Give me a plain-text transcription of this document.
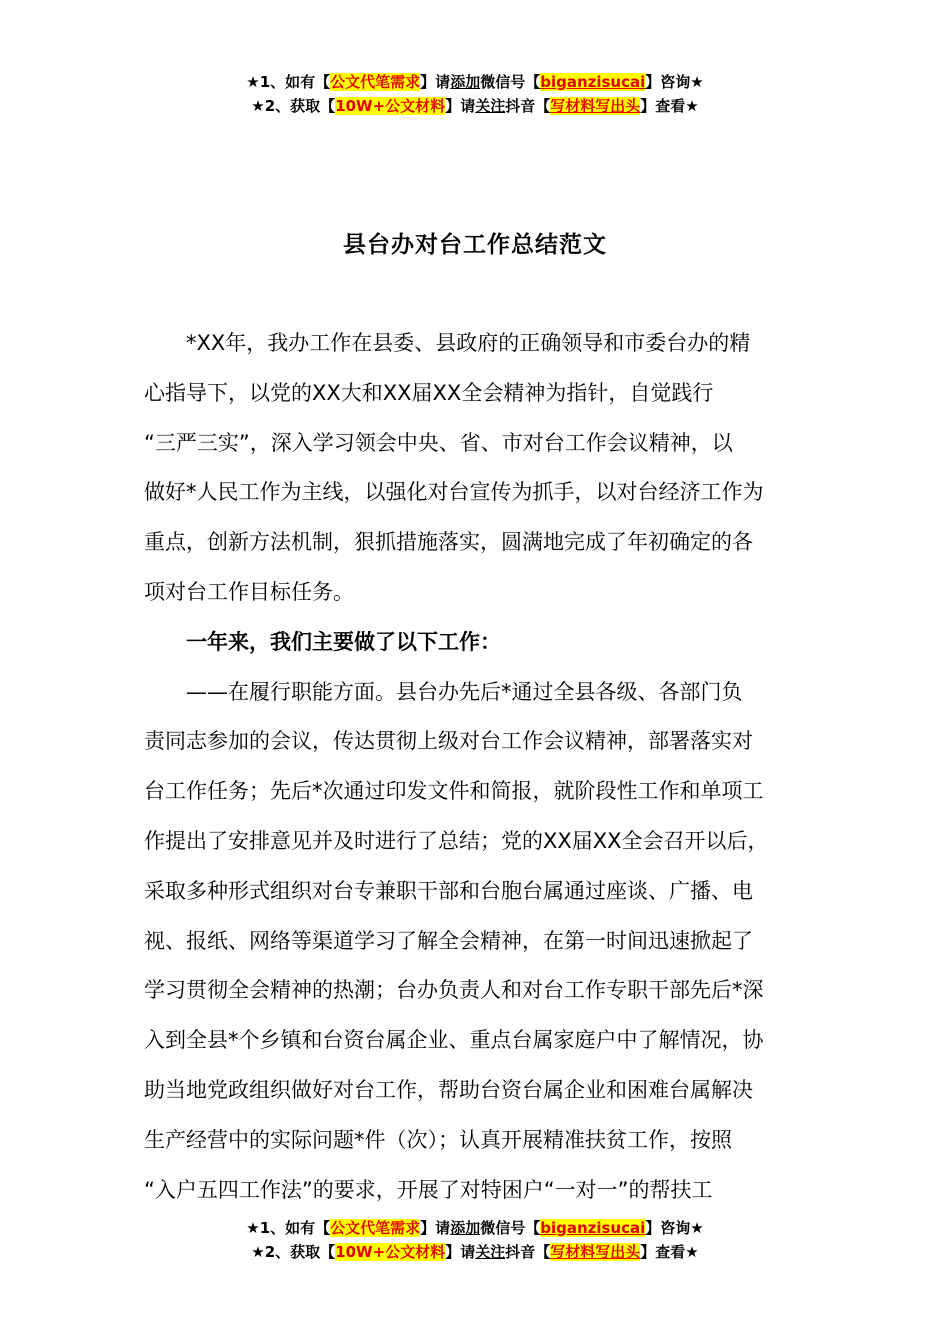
★1、如有【公文代笔需求】请添加微信号【biganzisucai】咨询★
★2、获取【10W+公文材料】请关注抖音【写材料写出头】查看★
县台办对台工作总结范文
*XX年，我办工作在县委、县政府的正确领导和市委台办的精
心指导下，以党的XX大和XX届XX全会精神为指针，自觉践行
“三严三实”，深入学习领会中央、省、市对台工作会议精神，以
做好*人民工作为主线，以强化对台宣传为抓手，以对台经济工作为
重点，创新方法机制，狠抓措施落实，圆满地完成了年初确定的各
项对台工作目标任务。
一年来，我们主要做了以下工作：
——在履行职能方面。县台办先后*通过全县各级、各部门负
责同志参加的会议，传达贯彻上级对台工作会议精神，部署落实对
台工作任务；先后*次通过印发文件和简报，就阶段性工作和单项工
作提出了安排意见并及时进行了总结；党的XX届XX全会召开以后，
采取多种形式组织对台专兼职干部和台胞台属通过座谈、广播、电
视、报纸、网络等渠道学习了解全会精神，在第一时间迅速掀起了
学习贯彻全会精神的热潮；台办负责人和对台工作专职干部先后*深
入到全县*个乡镇和台资台属企业、重点台属家庭户中了解情况，协
助当地党政组织做好对台工作，帮助台资台属企业和困难台属解决
生产经营中的实际问题*件（次）；认真开展精准扶贫工作，按照
“入户五四工作法”的要求，开展了对特困户“一对一”的帮扶工
★1、如有【公文代笔需求】请添加微信号【biganzisucai】咨询★
★2、获取【10W+公文材料】请关注抖音【写材料写出头】查看★
